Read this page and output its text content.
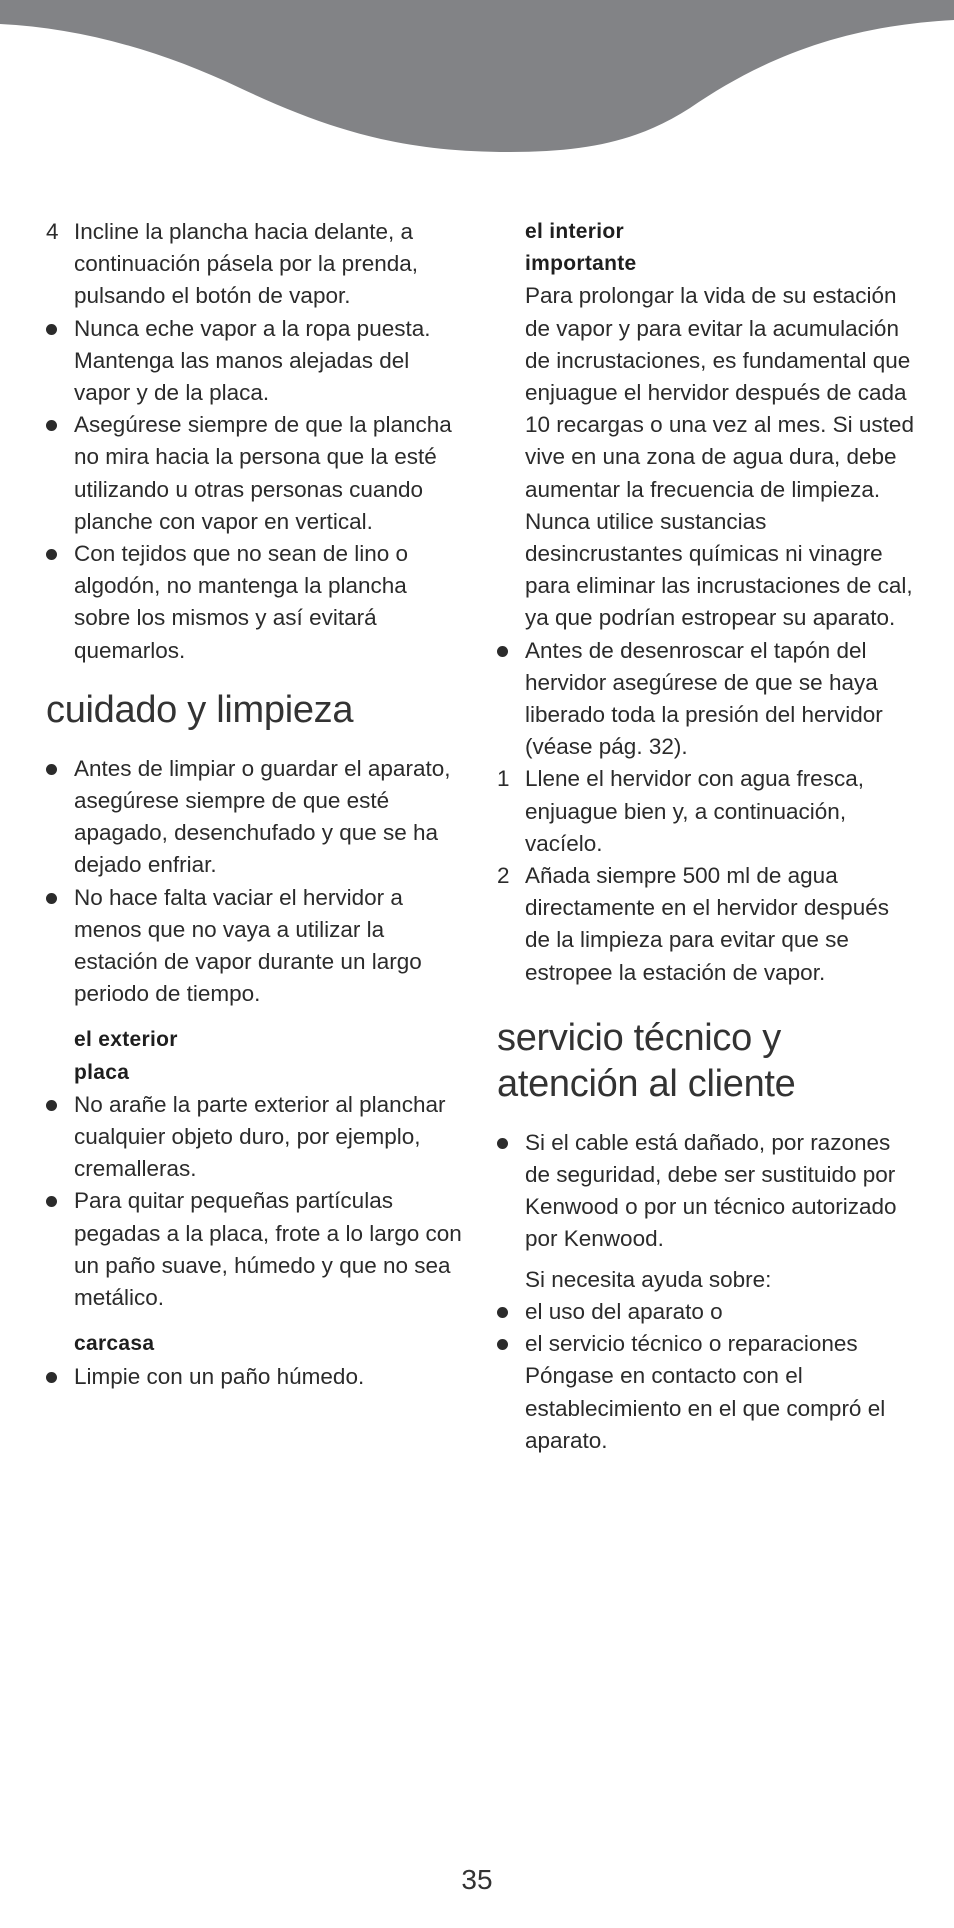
4 Incline la plancha hacia delante, a continuación pásela por la prenda, pulsando el botón de vapor.
Nunca eche vapor a la ropa puesta. Mantenga las manos alejadas del vapor y de la placa.
Asegúrese siempre de que la plancha no mira hacia la persona que la esté utilizando u otras personas cuando planche con vapor en vertical.
Con tejidos que no sean de lino o algodón, no mantenga la plancha sobre los mismos y así evitará quemarlos.
cuidado y limpieza
Antes de limpiar o guardar el aparato, asegúrese siempre de que esté apagado, desenchufado y que se ha dejado enfriar.
No hace falta vaciar el hervidor a menos que no vaya a utilizar la estación de vapor durante un largo periodo de tiempo.
el exterior
placa
No arañe la parte exterior al planchar cualquier objeto duro, por ejemplo, cremalleras.
Para quitar pequeñas partículas pegadas a la placa, frote a lo largo con un paño suave, húmedo y que no sea metálico.
carcasa
Limpie con un paño húmedo.
el interior
importante
Para prolongar la vida de su estación de vapor y para evitar la acumulación de incrustaciones, es fundamental que enjuague el hervidor después de cada 10 recargas o una vez al mes. Si usted vive en una zona de agua dura, debe aumentar la frecuencia de limpieza. Nunca utilice sustancias desincrustantes químicas ni vinagre para eliminar las incrustaciones de cal, ya que podrían estropear su aparato.
Antes de desenroscar el tapón del hervidor asegúrese de que se haya liberado toda la presión del hervidor (véase pág. 32).
1 Llene el hervidor con agua fresca, enjuague bien y, a continuación, vacíelo.
2 Añada siempre 500 ml de agua directamente en el hervidor después de la limpieza para evitar que se estropee la estación de vapor.
servicio técnico y
atención al cliente
Si el cable está dañado, por razones de seguridad, debe ser sustituido por Kenwood o por un técnico autorizado por Kenwood.
Si necesita ayuda sobre:
el uso del aparato o
el servicio técnico o reparaciones Póngase en contacto con el establecimiento en el que compró el aparato.
35
